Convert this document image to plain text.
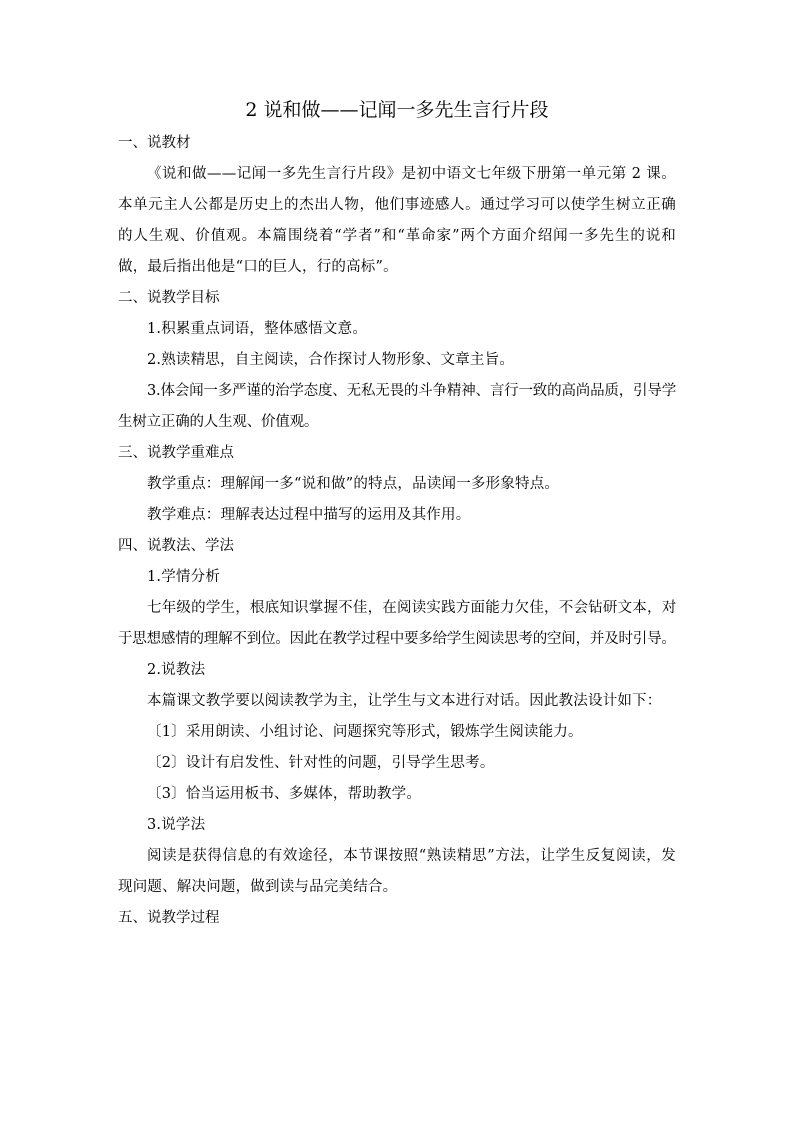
2 说和做——记闻一多先生言行片段

一、说教材

《说和做——记闻一多先生言行片段》是初中语文七年级下册第一单元第 2 课。本单元主人公都是历史上的杰出人物，他们事迹感人。通过学习可以使学生树立正确的人生观、价值观。本篇围绕着“学者”和“革命家”两个方面介绍闻一多先生的说和做，最后指出他是“口的巨人，行的高标”。

二、说教学目标

1.积累重点词语，整体感悟文意。

2.熟读精思，自主阅读，合作探讨人物形象、文章主旨。

3.体会闻一多严谨的治学态度、无私无畏的斗争精神、言行一致的高尚品质，引导学生树立正确的人生观、价值观。

三、说教学重难点

教学重点：理解闻一多“说和做”的特点，品读闻一多形象特点。

教学难点：理解表达过程中描写的运用及其作用。

四、说教法、学法

1.学情分析

七年级的学生，根底知识掌握不佳，在阅读实践方面能力欠佳，不会钻研文本，对于思想感情的理解不到位。因此在教学过程中要多给学生阅读思考的空间，并及时引导。

2.说教法

本篇课文教学要以阅读教学为主，让学生与文本进行对话。因此教法设计如下：

〔1〕采用朗读、小组讨论、问题探究等形式，锻炼学生阅读能力。

〔2〕设计有启发性、针对性的问题，引导学生思考。

〔3〕恰当运用板书、多媒体，帮助教学。

3.说学法

阅读是获得信息的有效途径，本节课按照“熟读精思”方法，让学生反复阅读，发现问题、解决问题，做到读与品完美结合。

五、说教学过程
